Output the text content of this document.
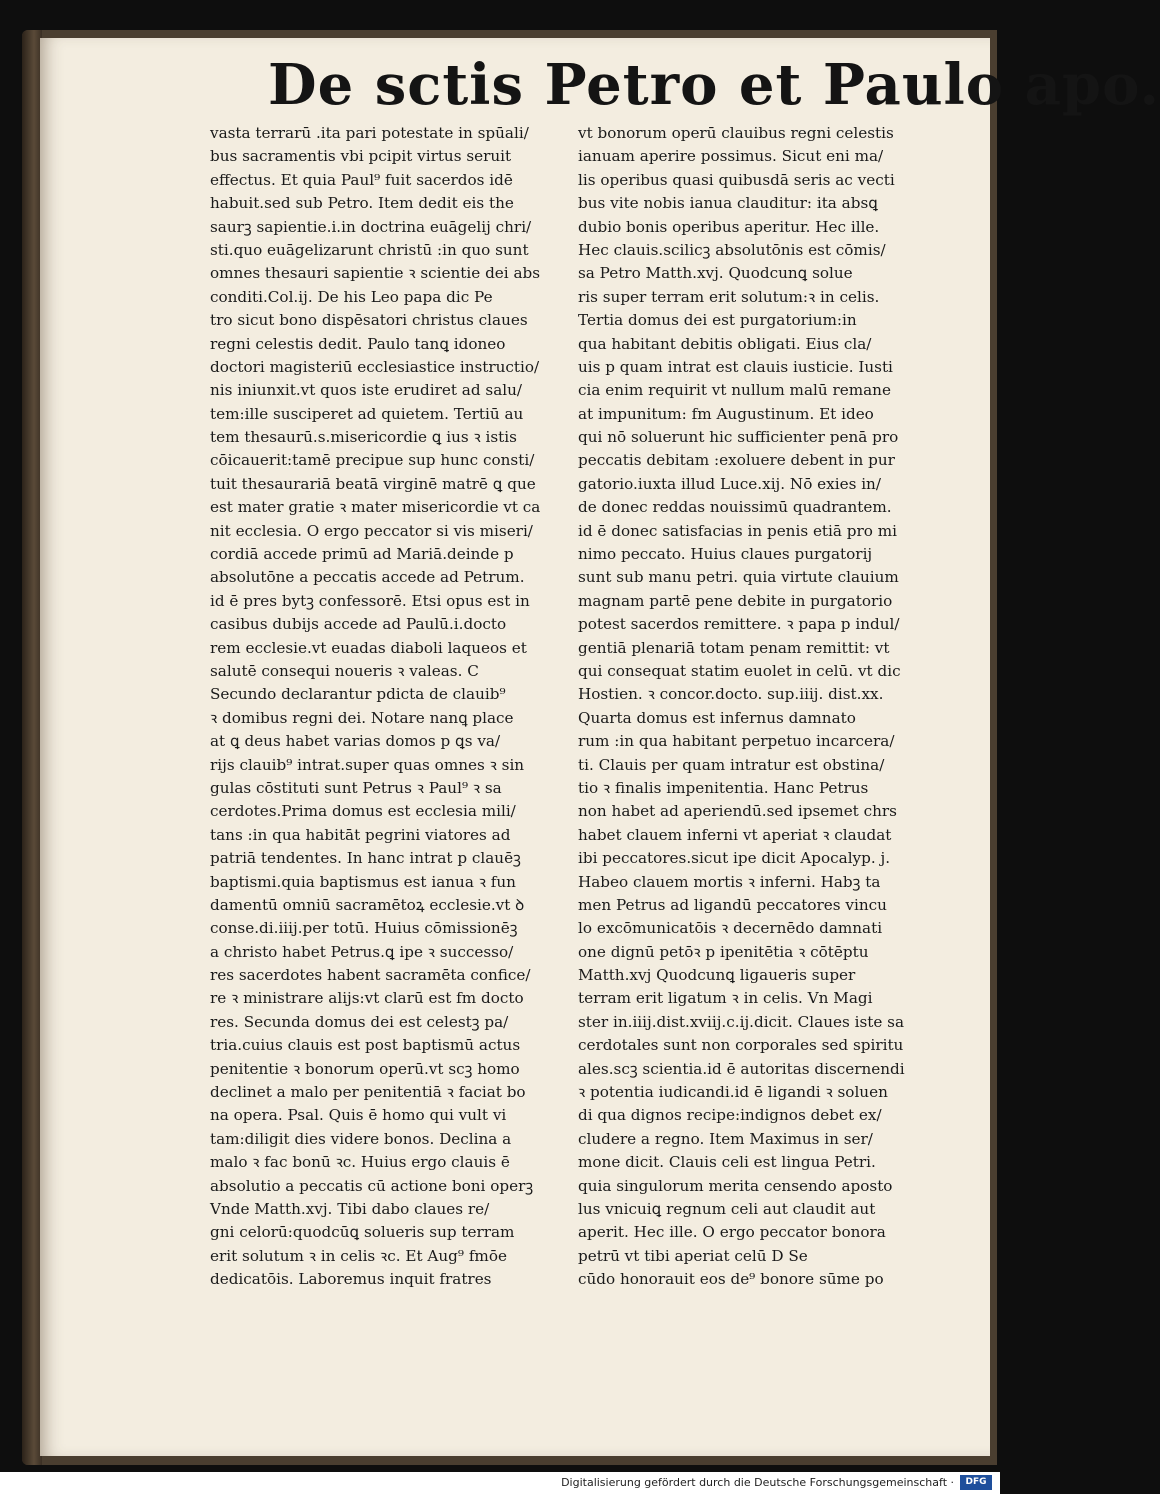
De sctis Petro et Paulo apo.
vasta terrarū .ita pari potestate in spūali/
bus sacramentis vbi pcipit virtus seruit
effectus. Et quia Paul⁹ fuit sacerdos idē
habuit.sed sub Petro. Item dedit eis the
saurꝫ sapientie.i.in doctrina euāgelij chri/
sti.quo euāgelizarunt christū :in quo sunt
omnes thesauri sapientie ꝛ scientie dei abs
conditi.Col.ij. De his Leo papa dic Pe
tro sicut bono dispēsatori christus claues
regni celestis dedit. Paulo tanꝗ idoneo
doctori magisteriū ecclesiastice instructio/
nis iniunxit.vt quos iste erudiret ad salu/
tem:ille susciperet ad quietem. Tertiū au
tem thesaurū.s.misericordie ꝗ ius ꝛ istis
cōicauerit:tamē precipue sup hunc consti/
tuit thesaurariā beatā virginē matrē ꝗ que
est mater gratie ꝛ mater misericordie vt ca
nit ecclesia. O ergo peccator si vis miseri/
cordiā accede primū ad Mariā.deinde p
absolutōne a peccatis accede ad Petrum.
id ē pres bytꝫ confessorē. Etsi opus est in
casibus dubijs accede ad Paulū.i.docto
rem ecclesie.vt euadas diaboli laqueos et
salutē consequi noueris ꝛ valeas. C
Secundo declarantur pdicta de clauib⁹
ꝛ domibus regni dei. Notare nanꝗ place
at ꝗ deus habet varias domos p ꝗs va/
rijs clauib⁹ intrat.super quas omnes ꝛ sin
gulas cōstituti sunt Petrus ꝛ Paul⁹ ꝛ sa
cerdotes.Prima domus est ecclesia mili/
tans :in qua habitāt pegrini viatores ad
patriā tendentes. In hanc intrat p clauēꝫ
baptismi.quia baptismus est ianua ꝛ fun
damentū omniū sacramētoꝝ ecclesie.vt ꝺ
conse.di.iiij.per totū. Huius cōmissionēꝫ
a christo habet Petrus.ꝗ ipe ꝛ successo/
res sacerdotes habent sacramēta confice/
re ꝛ ministrare alijs:vt clarū est fm docto
res. Secunda domus dei est celestꝫ pa/
tria.cuius clauis est post baptismū actus
penitentie ꝛ bonorum operū.vt scꝫ homo
declinet a malo per penitentiā ꝛ faciat bo
na opera. Psal. Quis ē homo qui vult vi
tam:diligit dies videre bonos. Declina a
malo ꝛ fac bonū ꝛc. Huius ergo clauis ē
absolutio a peccatis cū actione boni operꝫ
Vnde Matth.xvj. Tibi dabo claues re/
gni celorū:quodcūꝗ solueris sup terram
erit solutum ꝛ in celis ꝛc. Et Aug⁹ fmōe
dedicatōis. Laboremus inquit fratres
vt bonorum operū clauibus regni celestis
ianuam aperire possimus. Sicut eni ma/
lis operibus quasi quibusdā seris ac vecti
bus vite nobis ianua clauditur: ita absꝗ
dubio bonis operibus aperitur. Hec ille.
Hec clauis.scilicꝫ absolutōnis est cōmis/
sa Petro Matth.xvj. Quodcunꝗ solue
ris super terram erit solutum:ꝛ in celis.
Tertia domus dei est purgatorium:in
qua habitant debitis obligati. Eius cla/
uis p quam intrat est clauis iusticie. Iusti
cia enim requirit vt nullum malū remane
at impunitum: fm Augustinum. Et ideo
qui nō soluerunt hic sufficienter penā pro
peccatis debitam :exoluere debent in pur
gatorio.iuxta illud Luce.xij. Nō exies in/
de donec reddas nouissimū quadrantem.
id ē donec satisfacias in penis etiā pro mi
nimo peccato. Huius claues purgatorij
sunt sub manu petri. quia virtute clauium
magnam partē pene debite in purgatorio
potest sacerdos remittere. ꝛ papa p indul/
gentiā plenariā totam penam remittit: vt
qui consequat statim euolet in celū. vt dic
Hostien. ꝛ concor.docto. sup.iiij. dist.xx.
Quarta domus est infernus damnato
rum :in qua habitant perpetuo incarcera/
ti. Clauis per quam intratur est obstina/
tio ꝛ finalis impenitentia. Hanc Petrus
non habet ad aperiendū.sed ipsemet chrs
habet clauem inferni vt aperiat ꝛ claudat
ibi peccatores.sicut ipe dicit Apocalyp. j.
Habeo clauem mortis ꝛ inferni. Habꝫ ta
men Petrus ad ligandū peccatores vincu
lo excōmunicatōis ꝛ decernēdo damnati
one dignū petōꝛ p ipenitētia ꝛ cōtēptu
Matth.xvj Quodcunꝗ ligaueris super
terram erit ligatum ꝛ in celis. Vn Magi
ster in.iiij.dist.xviij.c.ij.dicit. Claues iste sa
cerdotales sunt non corporales sed spiritu
ales.scꝫ scientia.id ē autoritas discernendi
ꝛ potentia iudicandi.id ē ligandi ꝛ soluen
di qua dignos recipe:indignos debet ex/
cludere a regno. Item Maximus in ser/
mone dicit. Clauis celi est lingua Petri.
quia singulorum merita censendo aposto
lus vnicuiꝗ regnum celi aut claudit aut
aperit. Hec ille. O ergo peccator bonora
petrū vt tibi aperiat celū D Se
cūdo honorauit eos de⁹ bonore sūme po
Digitalisierung gefördert durch die Deutsche Forschungsgemeinschaft ·	DFG
